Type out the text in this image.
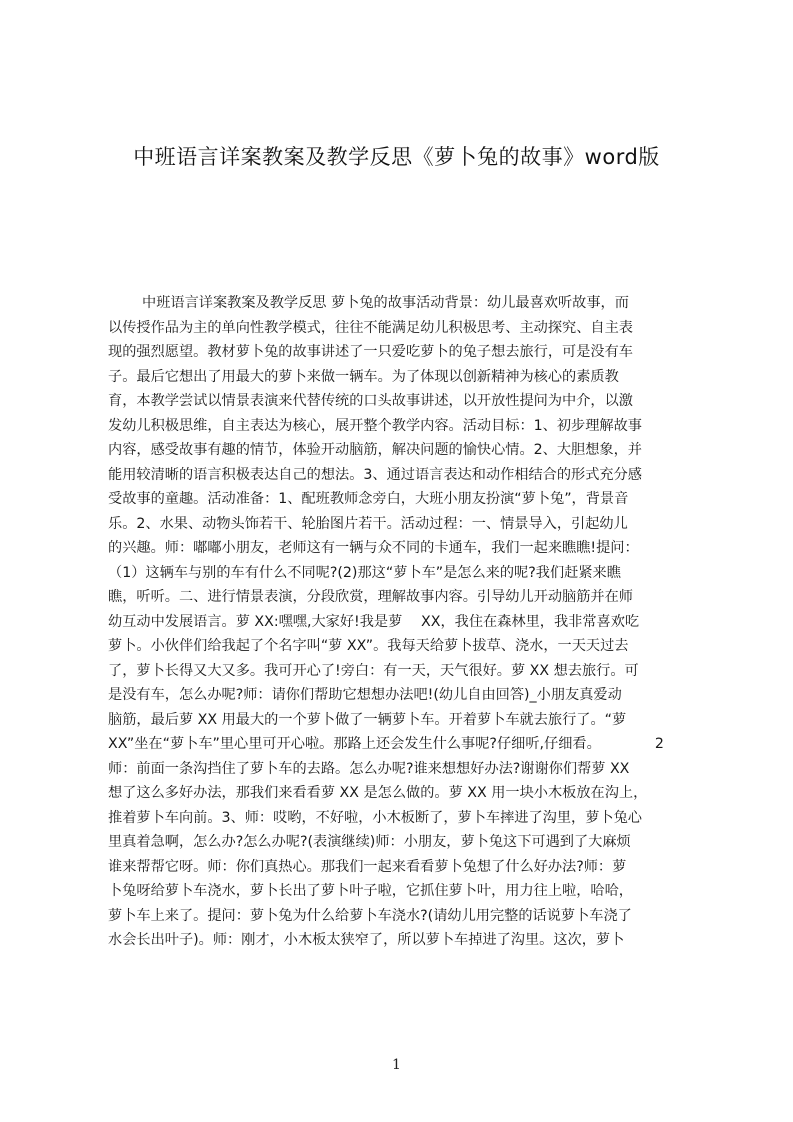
中班语言详案教案及教学反思《萝卜兔的故事》word版
中班语言详案教案及教学反思 萝卜兔的故事活动背景：幼儿最喜欢听故事，而
以传授作品为主的单向性教学模式，往往不能满足幼儿积极思考、主动探究、自主表
现的强烈愿望。教材萝卜兔的故事讲述了一只爱吃萝卜的兔子想去旅行，可是没有车
子。最后它想出了用最大的萝卜来做一辆车。为了体现以创新精神为核心的素质教
育，本教学尝试以情景表演来代替传统的口头故事讲述，以开放性提问为中介，以激
发幼儿积极思维，自主表达为核心，展开整个教学内容。活动目标：1、初步理解故事
内容，感受故事有趣的情节，体验开动脑筋，解决问题的愉快心情。2、大胆想象，并
能用较清晰的语言积极表达自己的想法。3、通过语言表达和动作相结合的形式充分感
受故事的童趣。活动准备：1、配班教师念旁白，大班小朋友扮演“萝卜兔”，背景音
乐。2、水果、动物头饰若干、轮胎图片若干。活动过程：一、情景导入，引起幼儿
的兴趣。师：嘟嘟小朋友，老师这有一辆与众不同的卡通车，我们一起来瞧瞧!提问：
（1）这辆车与别的车有什么不同呢?(2)那这“萝卜车”是怎么来的呢?我们赶紧来瞧
瞧，听听。二、进行情景表演，分段欣赏，理解故事内容。引导幼儿开动脑筋并在师
幼互动中发展语言。萝 XX:嘿嘿,大家好!我是萝　 XX，我住在森林里，我非常喜欢吃
萝卜。小伙伴们给我起了个名字叫“萝 XX”。我每天给萝卜拔草、浇水，一天天过去
了，萝卜长得又大又多。我可开心了!旁白：有一天，天气很好。萝 XX 想去旅行。可
是没有车，怎么办呢?师：请你们帮助它想想办法吧!(幼儿自由回答)_小朋友真爱动
脑筋，最后萝 XX 用最大的一个萝卜做了一辆萝卜车。开着萝卜车就去旅行了。“萝
XX”坐在“萝卜车”里心里可开心啦。那路上还会发生什么事呢?仔细听,仔细看。　　　　 2
师：前面一条沟挡住了萝卜车的去路。怎么办呢?谁来想想好办法?谢谢你们帮萝 XX
想了这么多好办法，那我们来看看萝 XX 是怎么做的。萝 XX 用一块小木板放在沟上，
推着萝卜车向前。3、师：哎哟，不好啦，小木板断了，萝卜车摔进了沟里，萝卜兔心
里真着急啊，怎么办?怎么办呢?(表演继续)师：小朋友，萝卜兔这下可遇到了大麻烦
谁来帮帮它呀。师：你们真热心。那我们一起来看看萝卜兔想了什么好办法?师：萝
卜兔呀给萝卜车浇水，萝卜长出了萝卜叶子啦，它抓住萝卜叶，用力往上啦，哈哈，
萝卜车上来了。提问：萝卜兔为什么给萝卜车浇水?(请幼儿用完整的话说萝卜车浇了
水会长出叶子)。师：刚才，小木板太狭窄了，所以萝卜车掉进了沟里。这次，萝卜
1
